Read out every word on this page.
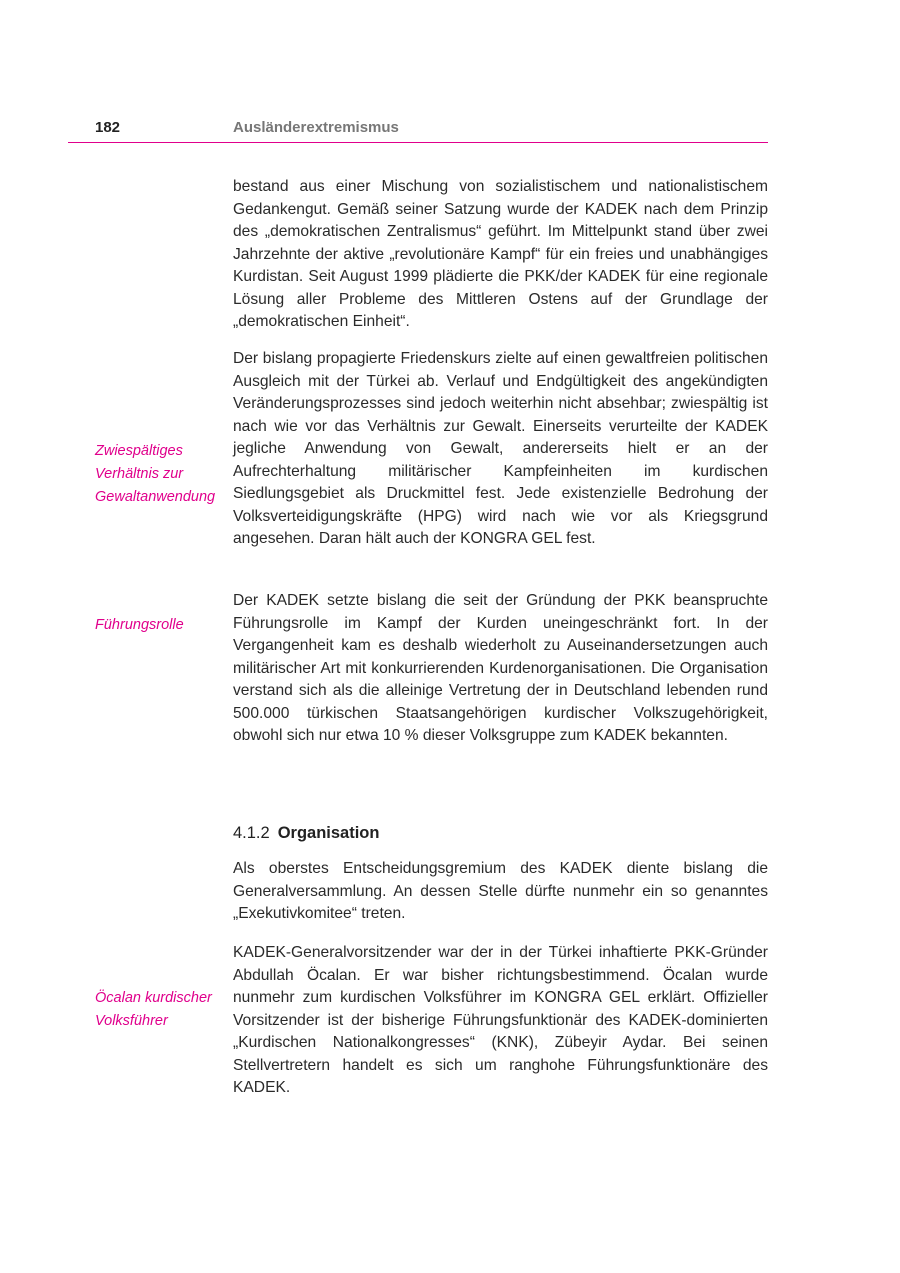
182	Ausländerextremismus

bestand aus einer Mischung von sozialistischem und nationalistischem Gedankengut. Gemäß seiner Satzung wurde der KADEK nach dem Prinzip des „demokratischen Zentralismus“ geführt. Im Mittelpunkt stand über zwei Jahrzehnte der aktive „revolutionäre Kampf“ für ein freies und unabhängiges Kurdistan. Seit August 1999 plädierte die PKK/der KADEK für eine regionale Lösung aller Probleme des Mittleren Ostens auf der Grundlage der „demokratischen Einheit“.

Der bislang propagierte Friedenskurs zielte auf einen gewaltfreien politischen Ausgleich mit der Türkei ab. Verlauf und Endgültigkeit des angekündigten Veränderungsprozesses sind jedoch weiterhin nicht absehbar; zwiespältig ist nach wie vor das Verhältnis zur Gewalt. Einerseits verurteilte der KADEK jegliche Anwendung von Gewalt, andererseits hielt er an der Aufrechterhaltung militärischer Kampfeinheiten im kurdischen Siedlungsgebiet als Druckmittel fest. Jede existenzielle Bedrohung der Volksverteidigungskräfte (HPG) wird nach wie vor als Kriegsgrund angesehen. Daran hält auch der KONGRA GEL fest.

Zwiespältiges
Verhältnis zur
Gewaltanwendung

Der KADEK setzte bislang die seit der Gründung der PKK beanspruchte Führungsrolle im Kampf der Kurden uneingeschränkt fort. In der Vergangenheit kam es deshalb wiederholt zu Auseinandersetzungen auch militärischer Art mit konkurrierenden Kurdenorganisationen. Die Organisation verstand sich als die alleinige Vertretung der in Deutschland lebenden rund 500.000 türkischen Staatsangehörigen kurdischer Volkszugehörigkeit, obwohl sich nur etwa 10 % dieser Volksgruppe zum KADEK bekannten.

Führungsrolle
4.1.2 Organisation

Als oberstes Entscheidungsgremium des KADEK diente bislang die Generalversammlung. An dessen Stelle dürfte nunmehr ein so genanntes „Exekutivkomitee“ treten.

KADEK-Generalvorsitzender war der in der Türkei inhaftierte PKK-Gründer Abdullah Öcalan. Er war bisher richtungsbestimmend. Öcalan wurde nunmehr zum kurdischen Volksführer im KONGRA GEL erklärt. Offizieller Vorsitzender ist der bisherige Führungsfunktionär des KADEK-dominierten „Kurdischen Nationalkongresses“ (KNK), Zübeyir Aydar. Bei seinen Stellvertretern handelt es sich um ranghohe Führungsfunktionäre des KADEK.

Öcalan kurdischer
Volksführer
